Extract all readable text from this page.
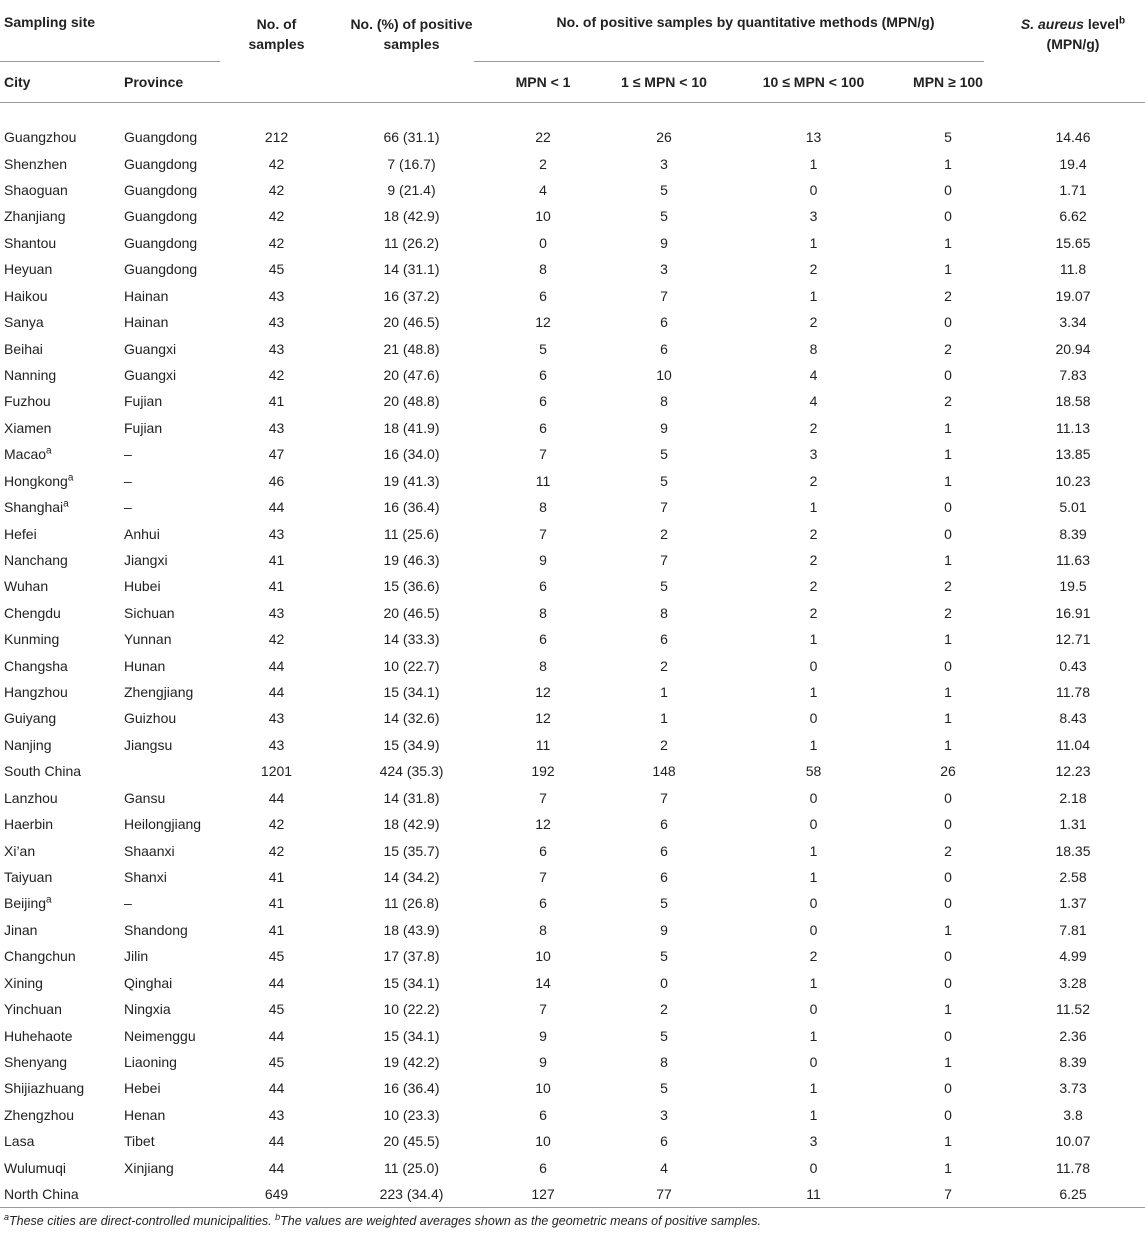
Sampling site		No. of samples	No. (%) of positive samples	No. of positive samples by quantitative methods (MPN/g)				S. aureus level$^b$
(MPN/g)
City	Province			MPN < 1	1 ≤ MPN < 10	10 ≤ MPN < 100	MPN ≥ 100	
Guangzhou	Guangdong	212	66 (31.1)	22	26	13	5	14.46
Shenzhen	Guangdong	42	7 (16.7)	2	3	1	1	19.4
Shaoguan	Guangdong	42	9 (21.4)	4	5	0	0	1.71
Zhanjiang	Guangdong	42	18 (42.9)	10	5	3	0	6.62
Shantou	Guangdong	42	11 (26.2)	0	9	1	1	15.65
Heyuan	Guangdong	45	14 (31.1)	8	3	2	1	11.8
Haikou	Hainan	43	16 (37.2)	6	7	1	2	19.07
Sanya	Hainan	43	20 (46.5)	12	6	2	0	3.34
Beihai	Guangxi	43	21 (48.8)	5	6	8	2	20.94
Nanning	Guangxi	42	20 (47.6)	6	10	4	0	7.83
Fuzhou	Fujian	41	20 (48.8)	6	8	4	2	18.58
Xiamen	Fujian	43	18 (41.9)	6	9	2	1	11.13
Macao$^a$	–	47	16 (34.0)	7	5	3	1	13.85
Hongkong$^a$	–	46	19 (41.3)	11	5	2	1	10.23
Shanghai$^a$	–	44	16 (36.4)	8	7	1	0	5.01
Hefei	Anhui	43	11 (25.6)	7	2	2	0	8.39
Nanchang	Jiangxi	41	19 (46.3)	9	7	2	1	11.63
Wuhan	Hubei	41	15 (36.6)	6	5	2	2	19.5
Chengdu	Sichuan	43	20 (46.5)	8	8	2	2	16.91
Kunming	Yunnan	42	14 (33.3)	6	6	1	1	12.71
Changsha	Hunan	44	10 (22.7)	8	2	0	0	0.43
Hangzhou	Zhengjiang	44	15 (34.1)	12	1	1	1	11.78
Guiyang	Guizhou	43	14 (32.6)	12	1	0	1	8.43
Nanjing	Jiangsu	43	15 (34.9)	11	2	1	1	11.04
South China		1201	424 (35.3)	192	148	58	26	12.23
Lanzhou	Gansu	44	14 (31.8)	7	7	0	0	2.18
Haerbin	Heilongjiang	42	18 (42.9)	12	6	0	0	1.31
Xi’an	Shaanxi	42	15 (35.7)	6	6	1	2	18.35
Taiyuan	Shanxi	41	14 (34.2)	7	6	1	0	2.58
Beijing$^a$	–	41	11 (26.8)	6	5	0	0	1.37
Jinan	Shandong	41	18 (43.9)	8	9	0	1	7.81
Changchun	Jilin	45	17 (37.8)	10	5	2	0	4.99
Xining	Qinghai	44	15 (34.1)	14	0	1	0	3.28
Yinchuan	Ningxia	45	10 (22.2)	7	2	0	1	11.52
Huhehaote	Neimenggu	44	15 (34.1)	9	5	1	0	2.36
Shenyang	Liaoning	45	19 (42.2)	9	8	0	1	8.39
Shijiazhuang	Hebei	44	16 (36.4)	10	5	1	0	3.73
Zhengzhou	Henan	43	10 (23.3)	6	3	1	0	3.8
Lasa	Tibet	44	20 (45.5)	10	6	3	1	10.07
Wulumuqi	Xinjiang	44	11 (25.0)	6	4	0	1	11.78
North China		649	223 (34.4)	127	77	11	7	6.25
$^a$These cities are direct-controlled municipalities. $^b$The values are weighted averages shown as the geometric means of positive samples.
